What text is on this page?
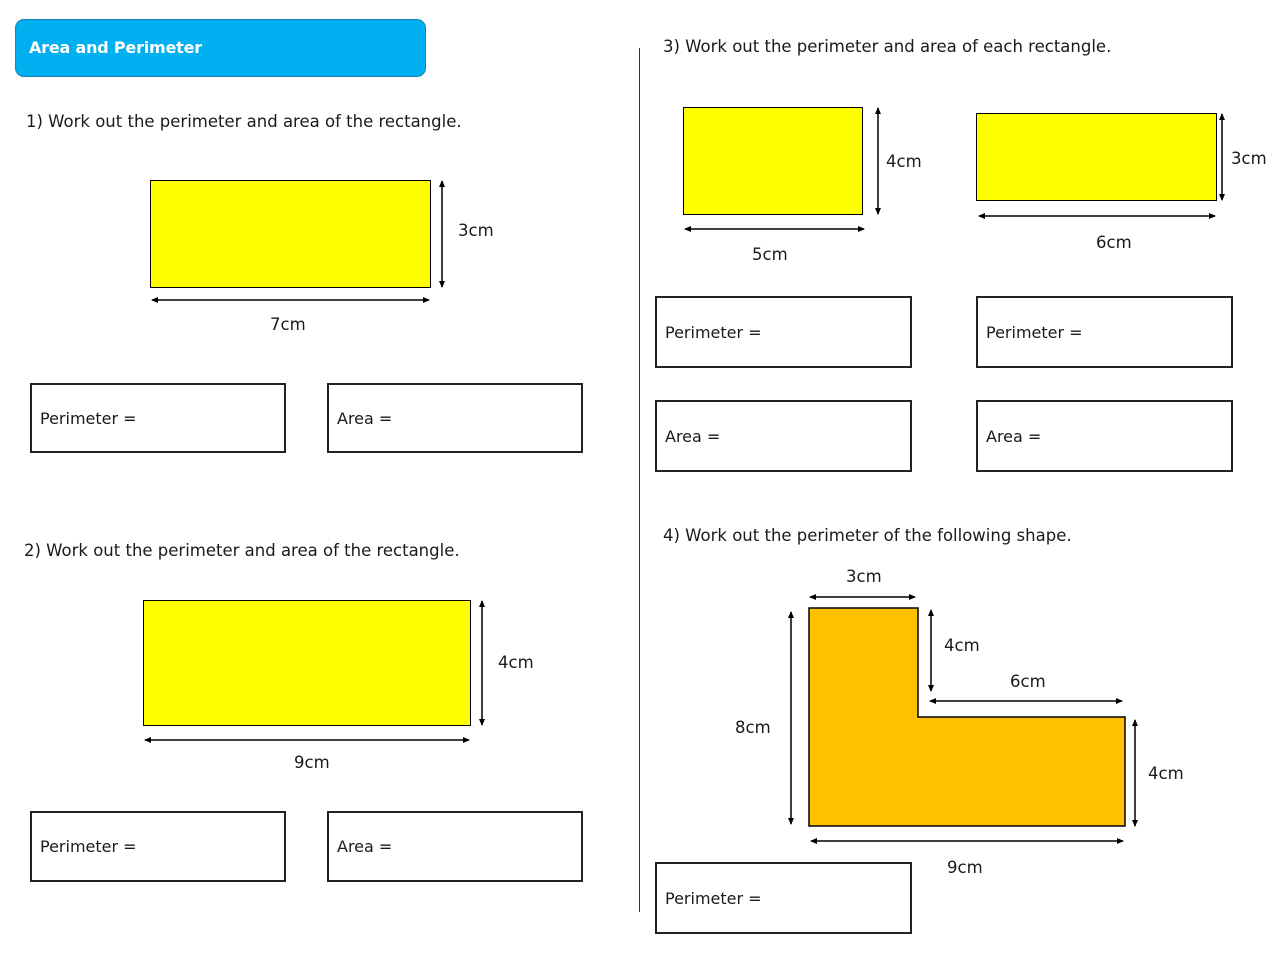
Area and Perimeter
1) Work out the perimeter and area of the rectangle.
3cm
7cm
Perimeter =	Area =
2) Work out the perimeter and area of the rectangle.
4cm
9cm
Perimeter =	Area =
3) Work out the perimeter and area of each rectangle.
4cm
5cm
3cm
6cm
Perimeter =	Perimeter =
Area =	Area =
4) Work out the perimeter of the following shape.
3cm
4cm
6cm
8cm
4cm
9cm
Perimeter =
